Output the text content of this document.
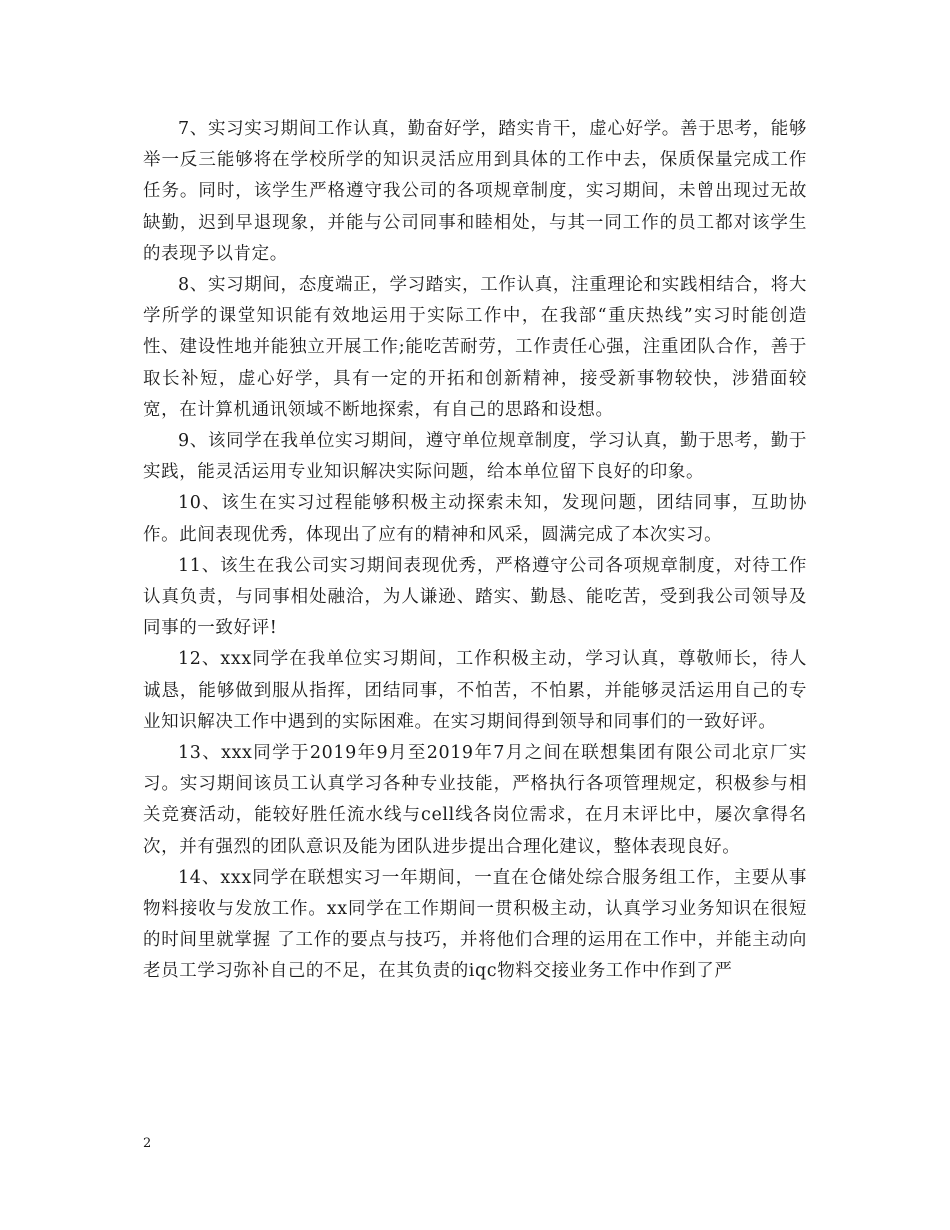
7、实习实习期间工作认真，勤奋好学，踏实肯干，虚心好学。善于思考，能够举一反三能够将在学校所学的知识灵活应用到具体的工作中去，保质保量完成工作任务。同时，该学生严格遵守我公司的各项规章制度，实习期间，未曾出现过无故缺勤，迟到早退现象，并能与公司同事和睦相处，与其一同工作的员工都对该学生的表现予以肯定。

8、实习期间，态度端正，学习踏实，工作认真，注重理论和实践相结合，将大学所学的课堂知识能有效地运用于实际工作中，在我部“重庆热线”实习时能创造性、建设性地并能独立开展工作;能吃苦耐劳，工作责任心强，注重团队合作，善于取长补短，虚心好学，具有一定的开拓和创新精神，接受新事物较快，涉猎面较宽，在计算机通讯领域不断地探索，有自己的思路和设想。

9、该同学在我单位实习期间，遵守单位规章制度，学习认真，勤于思考，勤于实践，能灵活运用专业知识解决实际问题，给本单位留下良好的印象。

10、该生在实习过程能够积极主动探索未知，发现问题，团结同事，互助协作。此间表现优秀，体现出了应有的精神和风采，圆满完成了本次实习。

11、该生在我公司实习期间表现优秀，严格遵守公司各项规章制度，对待工作认真负责，与同事相处融洽，为人谦逊、踏实、勤恳、能吃苦，受到我公司领导及同事的一致好评!

12、xxx同学在我单位实习期间，工作积极主动，学习认真，尊敬师长，待人诚恳，能够做到服从指挥，团结同事，不怕苦，不怕累，并能够灵活运用自己的专业知识解决工作中遇到的实际困难。在实习期间得到领导和同事们的一致好评。

13、xxx同学于2019年9月至2019年7月之间在联想集团有限公司北京厂实习。实习期间该员工认真学习各种专业技能，严格执行各项管理规定，积极参与相关竞赛活动，能较好胜任流水线与cell线各岗位需求，在月末评比中，屡次拿得名次，并有强烈的团队意识及能为团队进步提出合理化建议，整体表现良好。

14、xxx同学在联想实习一年期间，一直在仓储处综合服务组工作，主要从事物料接收与发放工作。xx同学在工作期间一贯积极主动，认真学习业务知识在很短的时间里就掌握 了工作的要点与技巧，并将他们合理的运用在工作中，并能主动向老员工学习弥补自己的不足，在其负责的iqc物料交接业务工作中作到了严

2
